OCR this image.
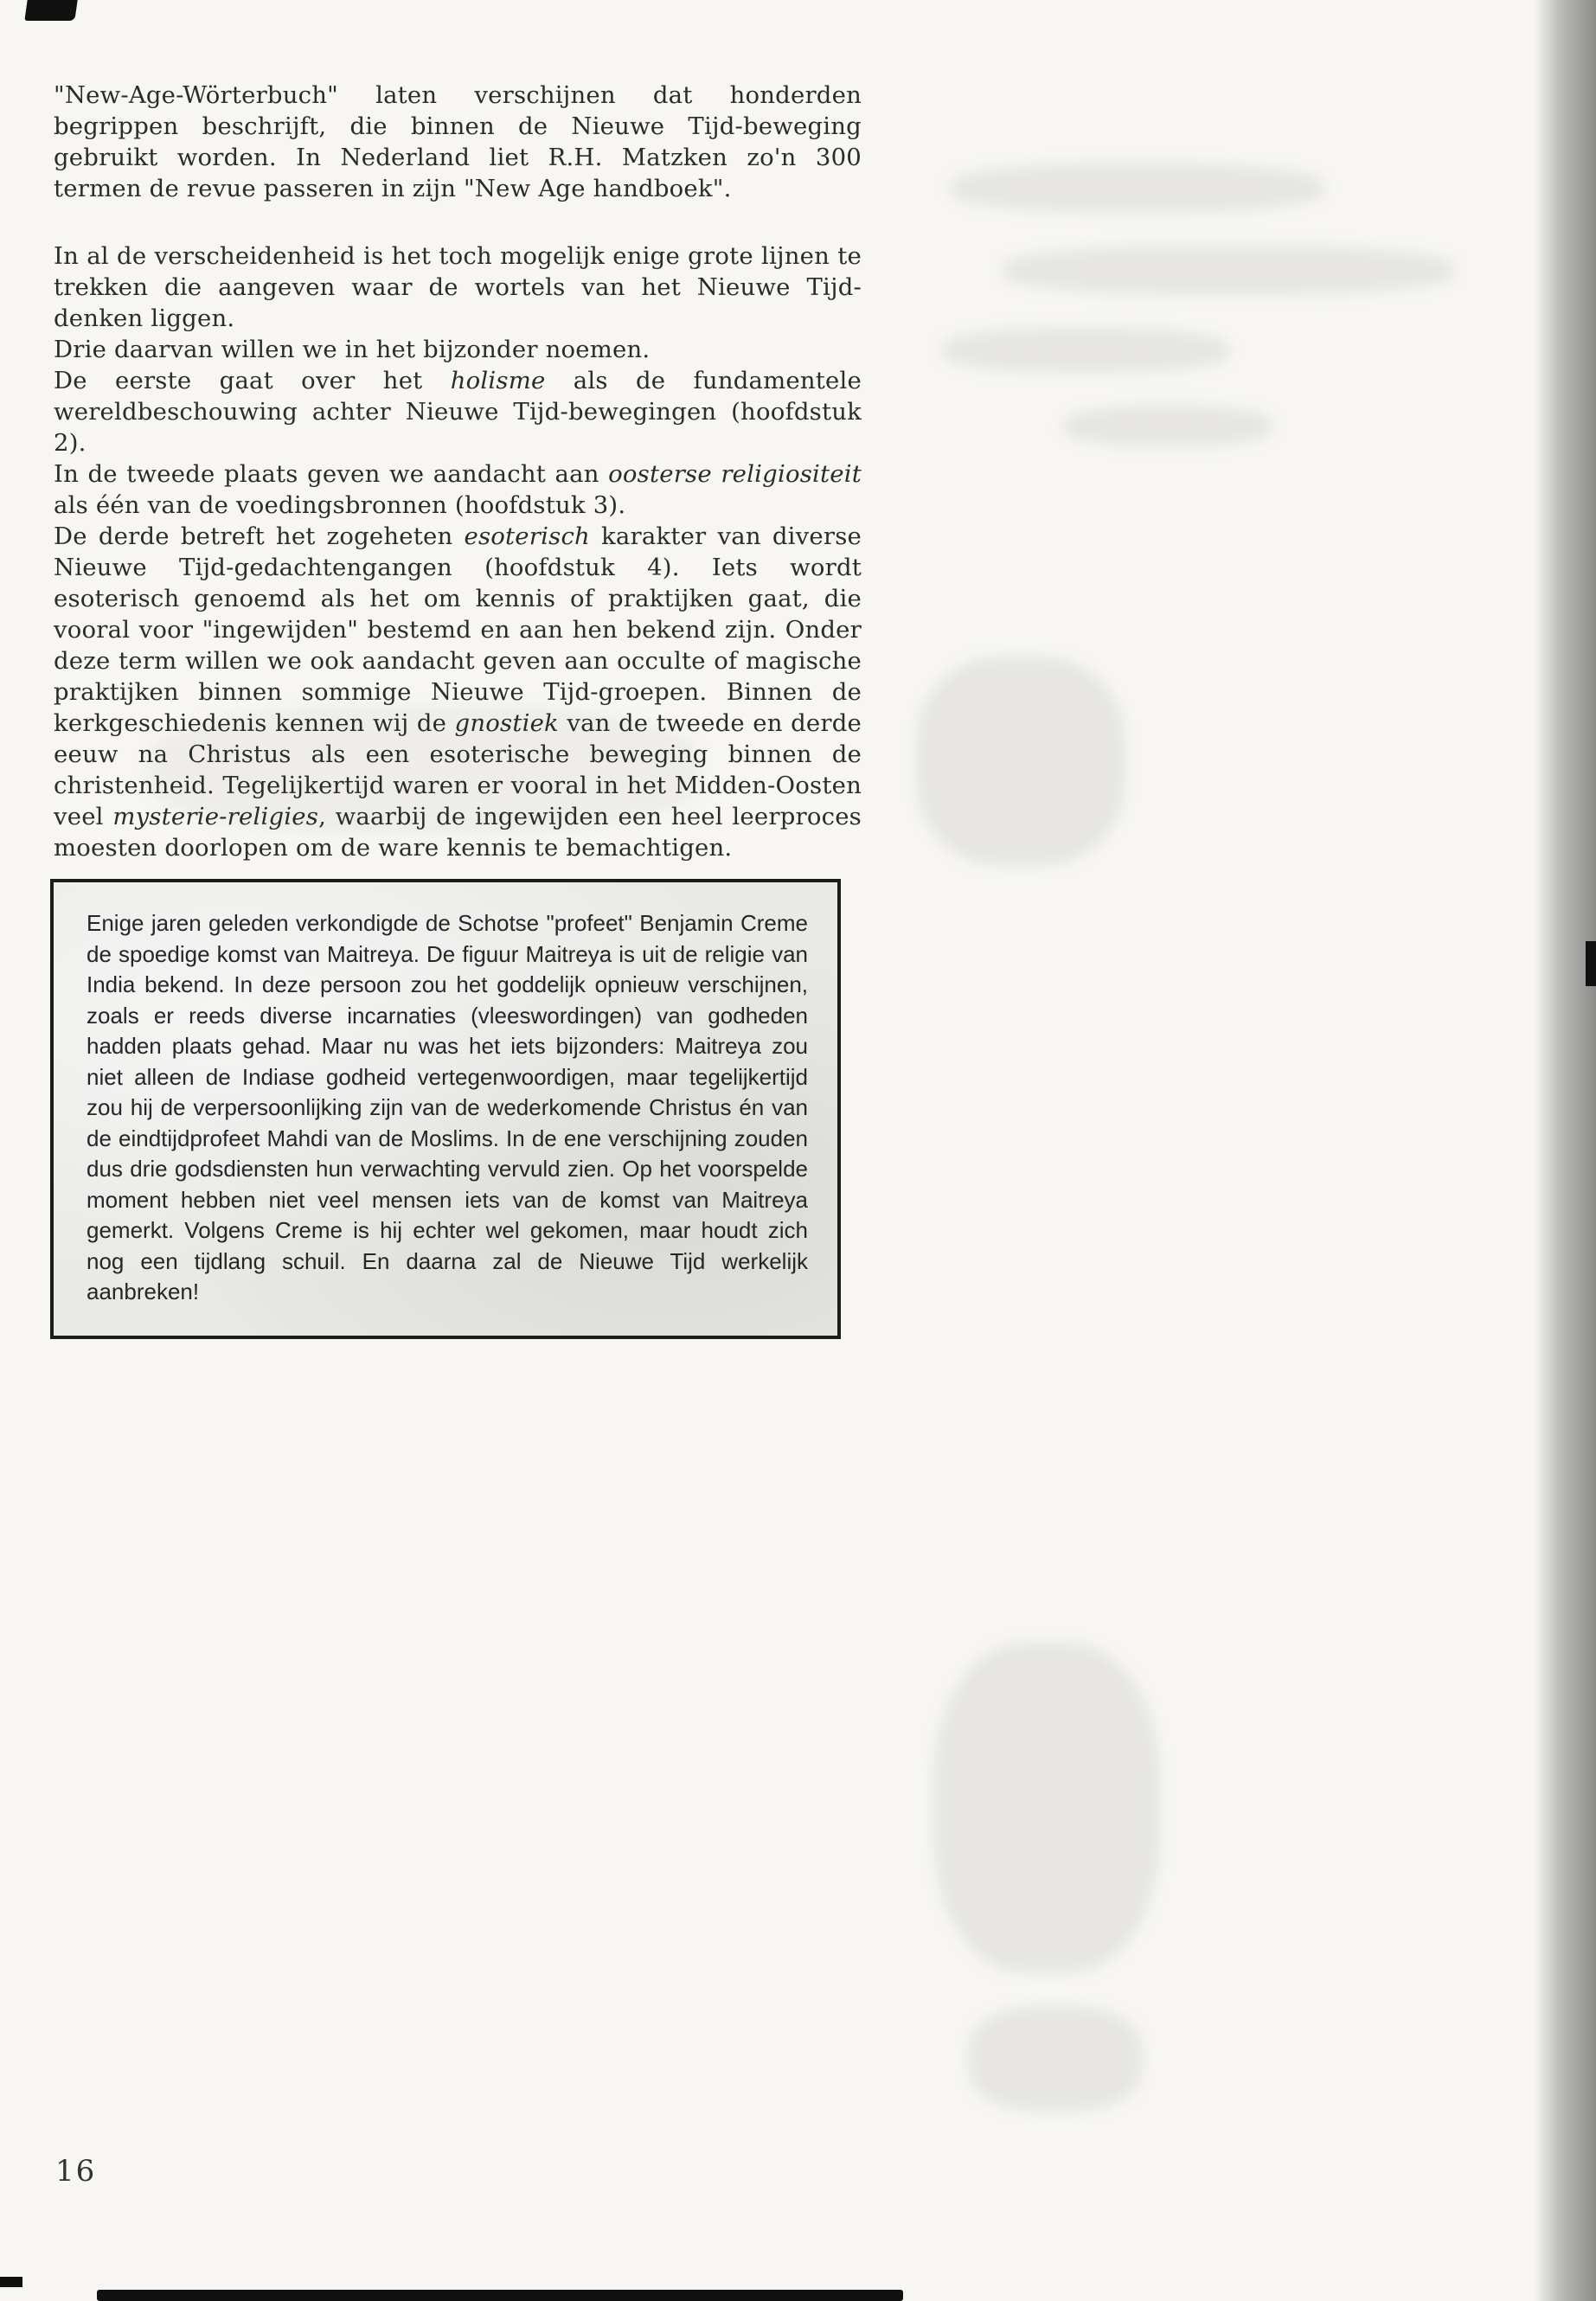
"New-Age-Wörterbuch" laten verschijnen dat honderden begrippen beschrijft, die binnen de Nieuwe Tijd-beweging gebruikt worden. In Nederland liet R.H. Matzken zo'n 300 termen de revue passeren in zijn "New Age handboek".

In al de verscheidenheid is het toch mogelijk enige grote lijnen te trekken die aangeven waar de wortels van het Nieuwe Tijd-denken liggen.

Drie daarvan willen we in het bijzonder noemen.

De eerste gaat over het holisme als de fundamentele wereldbeschouwing achter Nieuwe Tijd-bewegingen (hoofdstuk 2).

In de tweede plaats geven we aandacht aan oosterse religiositeit als één van de voedingsbronnen (hoofdstuk 3).

De derde betreft het zogeheten esoterisch karakter van diverse Nieuwe Tijd-gedachtengangen (hoofdstuk 4). Iets wordt esoterisch genoemd als het om kennis of praktijken gaat, die vooral voor "ingewijden" bestemd en aan hen bekend zijn. Onder deze term willen we ook aandacht geven aan occulte of magische praktijken binnen sommige Nieuwe Tijd-groepen. Binnen de kerkgeschiedenis kennen wij de gnostiek van de tweede en derde eeuw na Christus als een esoterische beweging binnen de christenheid. Tegelijkertijd waren er vooral in het Midden-Oosten veel mysterie-religies, waarbij de ingewijden een heel leerproces moesten doorlopen om de ware kennis te bemachtigen.

Enige jaren geleden verkondigde de Schotse "profeet" Benjamin Creme de spoedige komst van Maitreya. De figuur Maitreya is uit de religie van India bekend. In deze persoon zou het goddelijk opnieuw verschijnen, zoals er reeds diverse incarnaties (vleeswordingen) van godheden hadden plaats gehad. Maar nu was het iets bijzonders: Maitreya zou niet alleen de Indiase godheid vertegenwoordigen, maar tegelijkertijd zou hij de verpersoonlijking zijn van de wederkomende Christus én van de eindtijdprofeet Mahdi van de Moslims. In de ene verschijning zouden dus drie godsdiensten hun verwachting vervuld zien. Op het voorspelde moment hebben niet veel mensen iets van de komst van Maitreya gemerkt. Volgens Creme is hij echter wel gekomen, maar houdt zich nog een tijdlang schuil. En daarna zal de Nieuwe Tijd werkelijk aanbreken!

16
